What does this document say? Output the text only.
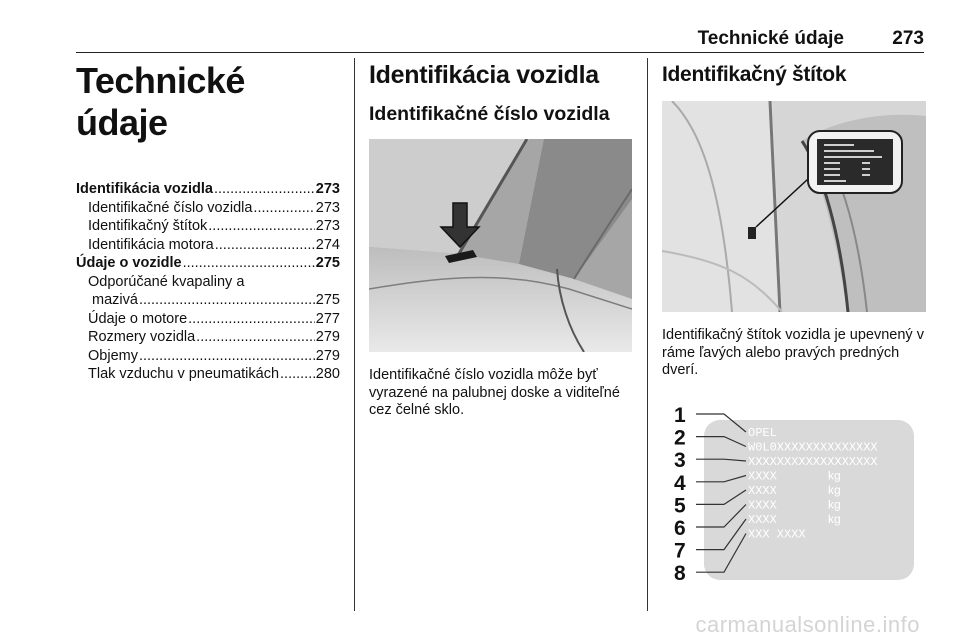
Technické údaje	273
Technické údaje
Identifikácia vozidla .....	273
Identifikačné číslo vozidla .....	273
Identifikačný štítok .....	273
Identifikácia motora .....	274
Údaje o vozidle .....	275
Odporúčané kvapaliny a
mazivá .....	275
Údaje o motore .....	277
Rozmery vozidla .....	279
Objemy .....	279
Tlak vzduchu v pneumatikách .....	280
Identifikácia vozidla
Identifikačné číslo vozidla
Identifikačné číslo vozidla môže byť vyrazené na palubnej doske a viditeľné cez čelné sklo.
Identifikačný štítok
Identifikačný štítok vozidla je upevnený v ráme ľavých alebo pravých predných dverí.
1
2
3
4
5
6
7
8
OPEL
W0L0XXXXXXXXXXXXXX
XXXXXXXXXXXXXXXXXX
XXXX	kg
XXXX	kg
XXXX	kg
XXXX	kg
XXX XXXX
carmanualsonline.info
